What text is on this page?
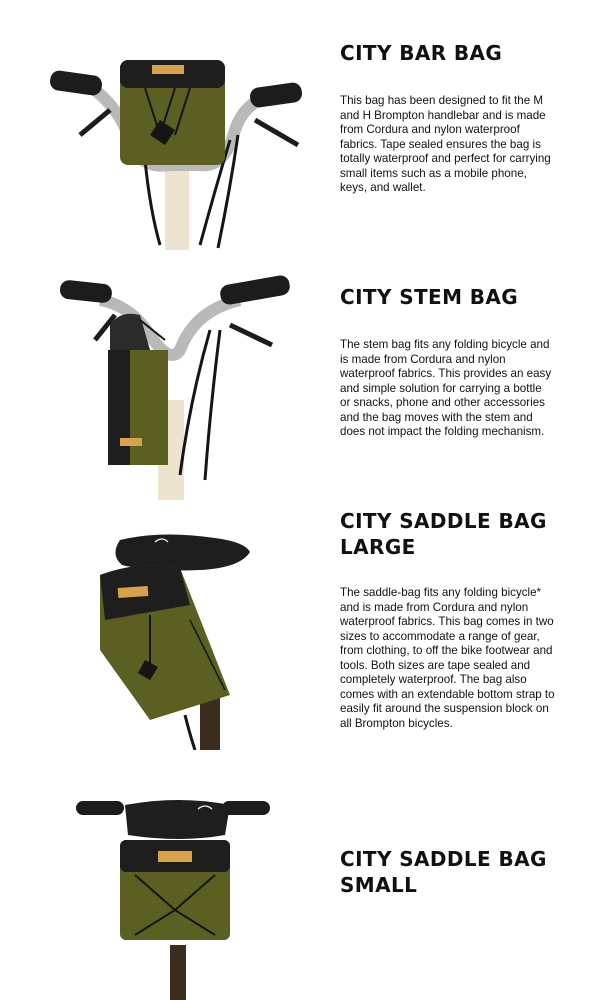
CITY BAR BAG

This bag has been designed to fit the M and H Brompton handlebar and is made from Cordura and nylon waterproof fabrics. Tape sealed ensures the bag is totally waterproof and perfect for carrying small items such as a mobile phone, keys, and wallet.

CITY STEM BAG

The stem bag fits any folding bicycle and is made from Cordura and nylon waterproof fabrics. This provides an easy and simple solution for carrying a bottle or snacks, phone and other accessories and the bag moves with the stem and does not impact the folding mechanism.

CITY SADDLE BAG LARGE

The saddle-bag fits any folding bicycle* and is made from Cordura and nylon waterproof fabrics. This bag comes in two sizes to accommodate a range of gear, from clothing, to off the bike footwear and tools. Both sizes are tape sealed and completely waterproof. The bag also comes with an extendable bottom strap to easily fit around the suspension block on all Brompton bicycles.

CITY SADDLE BAG SMALL
